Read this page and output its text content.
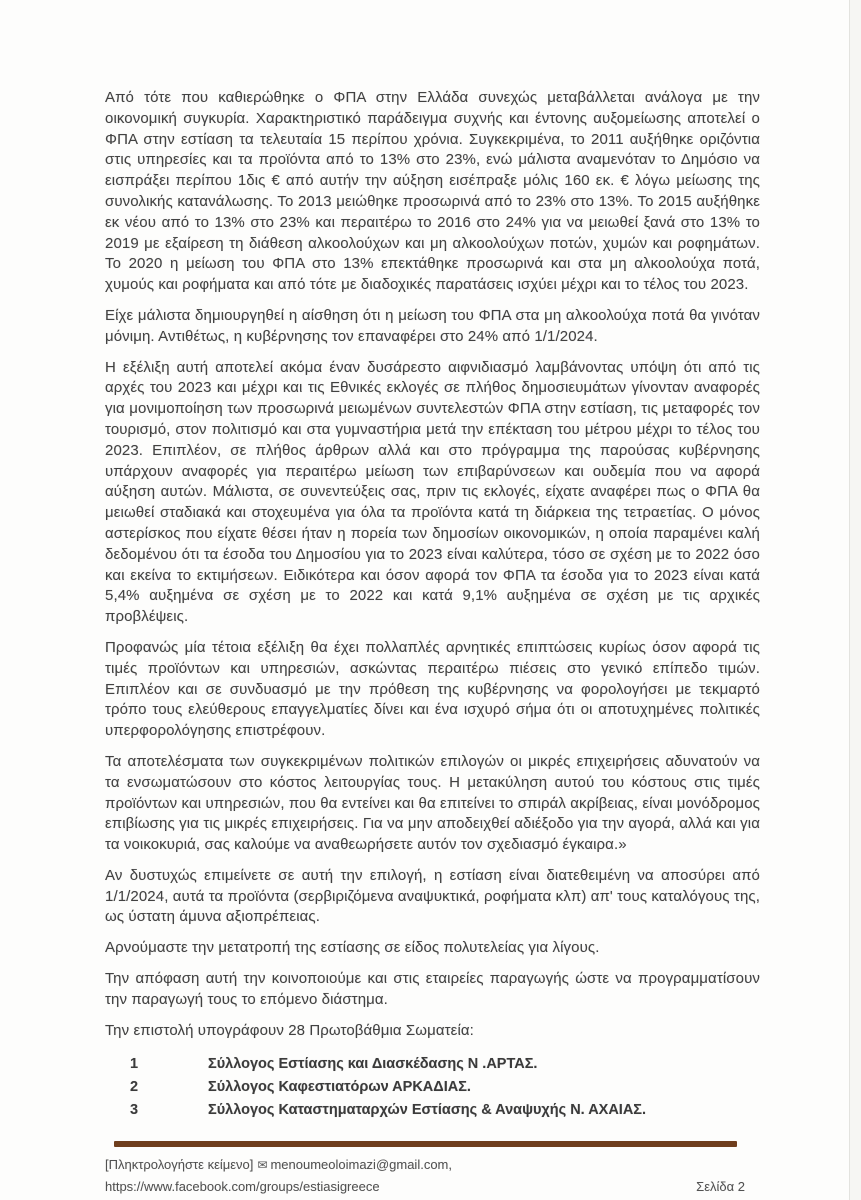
Από τότε που καθιερώθηκε ο ΦΠΑ στην Ελλάδα συνεχώς μεταβάλλεται ανάλογα με την οικονομική συγκυρία. Χαρακτηριστικό παράδειγμα συχνής και έντονης αυξομείωσης αποτελεί ο ΦΠΑ στην εστίαση τα τελευταία 15 περίπου χρόνια. Συγκεκριμένα, το 2011 αυξήθηκε οριζόντια στις υπηρεσίες και τα προϊόντα από το 13% στο 23%, ενώ μάλιστα αναμενόταν το Δημόσιο να εισπράξει περίπου 1δις € από αυτήν την αύξηση εισέπραξε μόλις 160 εκ. € λόγω μείωσης της συνολικής κατανάλωσης. Το 2013 μειώθηκε προσωρινά από το 23% στο 13%. Το 2015 αυξήθηκε εκ νέου από το 13% στο 23% και περαιτέρω το 2016 στο 24% για να μειωθεί ξανά στο 13% το 2019 με εξαίρεση τη διάθεση αλκοολούχων και μη αλκοολούχων ποτών, χυμών και ροφημάτων. Το 2020 η μείωση του ΦΠΑ στο 13% επεκτάθηκε προσωρινά και στα μη αλκοολούχα ποτά, χυμούς και ροφήματα και από τότε με διαδοχικές παρατάσεις ισχύει μέχρι και το τέλος του 2023.

Είχε μάλιστα δημιουργηθεί η αίσθηση ότι η μείωση του ΦΠΑ στα μη αλκοολούχα ποτά θα γινόταν μόνιμη. Αντιθέτως, η κυβέρνησης τον επαναφέρει στο 24% από 1/1/2024.

Η εξέλιξη αυτή αποτελεί ακόμα έναν δυσάρεστο αιφνιδιασμό λαμβάνοντας υπόψη ότι από τις αρχές του 2023 και μέχρι και τις Εθνικές εκλογές σε πλήθος δημοσιευμάτων γίνονταν αναφορές για μονιμοποίηση των προσωρινά μειωμένων συντελεστών ΦΠΑ στην εστίαση, τις μεταφορές τον τουρισμό, στον πολιτισμό και στα γυμναστήρια μετά την επέκταση του μέτρου μέχρι το τέλος του 2023. Επιπλέον, σε πλήθος άρθρων αλλά και στο πρόγραμμα της παρούσας κυβέρνησης υπάρχουν αναφορές για περαιτέρω μείωση των επιβαρύνσεων και ουδεμία που να αφορά αύξηση αυτών. Μάλιστα, σε συνεντεύξεις σας, πριν τις εκλογές, είχατε αναφέρει πως ο ΦΠΑ θα μειωθεί σταδιακά και στοχευμένα για όλα τα προϊόντα κατά τη διάρκεια της τετραετίας. Ο μόνος αστερίσκος που είχατε θέσει ήταν η πορεία των δημοσίων οικονομικών, η οποία παραμένει καλή δεδομένου ότι τα έσοδα του Δημοσίου για το 2023 είναι καλύτερα, τόσο σε σχέση με το 2022 όσο και εκείνα το εκτιμήσεων. Ειδικότερα και όσον αφορά τον ΦΠΑ τα έσοδα για το 2023 είναι κατά 5,4% αυξημένα σε σχέση με το 2022 και κατά 9,1% αυξημένα σε σχέση με τις αρχικές προβλέψεις.

Προφανώς μία τέτοια εξέλιξη θα έχει πολλαπλές αρνητικές επιπτώσεις κυρίως όσον αφορά τις τιμές προϊόντων και υπηρεσιών, ασκώντας περαιτέρω πιέσεις στο γενικό επίπεδο τιμών. Επιπλέον και σε συνδυασμό με την πρόθεση της κυβέρνησης να φορολογήσει με τεκμαρτό τρόπο τους ελεύθερους επαγγελματίες δίνει και ένα ισχυρό σήμα ότι οι αποτυχημένες πολιτικές υπερφορολόγησης επιστρέφουν.

Τα αποτελέσματα των συγκεκριμένων πολιτικών επιλογών οι μικρές επιχειρήσεις αδυνατούν να τα ενσωματώσουν στο κόστος λειτουργίας τους. Η μετακύληση αυτού του κόστους στις τιμές προϊόντων και υπηρεσιών, που θα εντείνει και θα επιτείνει το σπιράλ ακρίβειας, είναι μονόδρομος επιβίωσης για τις μικρές επιχειρήσεις. Για να μην αποδειχθεί αδιέξοδο για την αγορά, αλλά και για τα νοικοκυριά, σας καλούμε να αναθεωρήσετε αυτόν τον σχεδιασμό έγκαιρα.»

Αν δυστυχώς επιμείνετε σε αυτή την επιλογή, η εστίαση είναι διατεθειμένη να αποσύρει από 1/1/2024, αυτά τα προϊόντα (σερβιριζόμενα αναψυκτικά, ροφήματα κλπ) απ' τους καταλόγους της, ως ύστατη άμυνα αξιοπρέπειας.

Αρνούμαστε την μετατροπή της εστίασης σε είδος πολυτελείας για λίγους.

Την απόφαση αυτή την κοινοποιούμε και στις εταιρείες παραγωγής ώστε να προγραμματίσουν την παραγωγή τους το επόμενο διάστημα.

Την επιστολή υπογράφουν 28 Πρωτοβάθμια Σωματεία:

1	Σύλλογος Εστίασης και Διασκέδασης Ν .ΑΡΤΑΣ.
2	Σύλλογος Καφεστιατόρων ΑΡΚΑΔΙΑΣ.
3	Σύλλογος Καταστηματαρχών Εστίασης & Αναψυχής Ν. ΑΧΑΙΑΣ.
[Πληκτρολογήστε κείμενο] ✉ menoumeoloimazi@gmail.com,
https://www.facebook.com/groups/estiasigreece	Σελίδα 2
